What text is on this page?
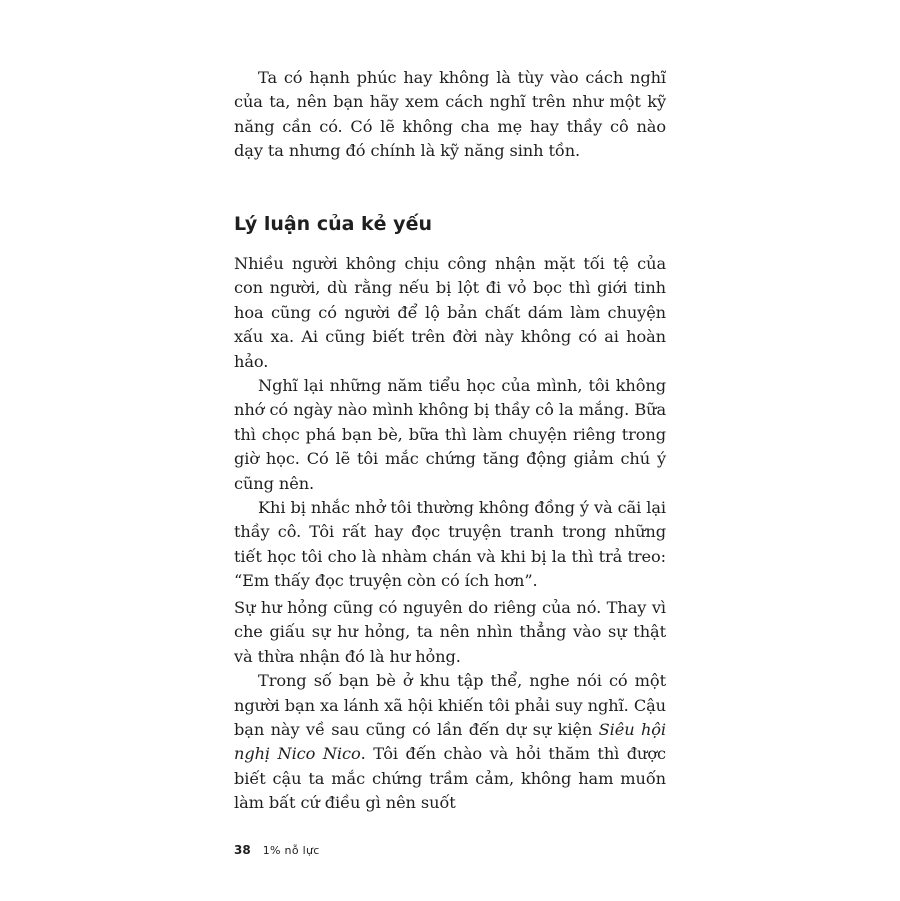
Ta có hạnh phúc hay không là tùy vào cách nghĩ của ta, nên bạn hãy xem cách nghĩ trên như một kỹ năng cần có. Có lẽ không cha mẹ hay thầy cô nào dạy ta nhưng đó chính là kỹ năng sinh tồn.

Lý luận của kẻ yếu

Nhiều người không chịu công nhận mặt tối tệ của con người, dù rằng nếu bị lột đi vỏ bọc thì giới tinh hoa cũng có người để lộ bản chất dám làm chuyện xấu xa. Ai cũng biết trên đời này không có ai hoàn hảo.

Nghĩ lại những năm tiểu học của mình, tôi không nhớ có ngày nào mình không bị thầy cô la mắng. Bữa thì chọc phá bạn bè, bữa thì làm chuyện riêng trong giờ học. Có lẽ tôi mắc chứng tăng động giảm chú ý cũng nên.

Khi bị nhắc nhở tôi thường không đồng ý và cãi lại thầy cô. Tôi rất hay đọc truyện tranh trong những tiết học tôi cho là nhàm chán và khi bị la thì trả treo: “Em thấy đọc truyện còn có ích hơn”.

Sự hư hỏng cũng có nguyên do riêng của nó. Thay vì che giấu sự hư hỏng, ta nên nhìn thẳng vào sự thật và thừa nhận đó là hư hỏng.

Trong số bạn bè ở khu tập thể, nghe nói có một người bạn xa lánh xã hội khiến tôi phải suy nghĩ. Cậu bạn này về sau cũng có lần đến dự sự kiện Siêu hội nghị Nico Nico. Tôi đến chào và hỏi thăm thì được biết cậu ta mắc chứng trầm cảm, không ham muốn làm bất cứ điều gì nên suốt

38 1% nỗ lực
